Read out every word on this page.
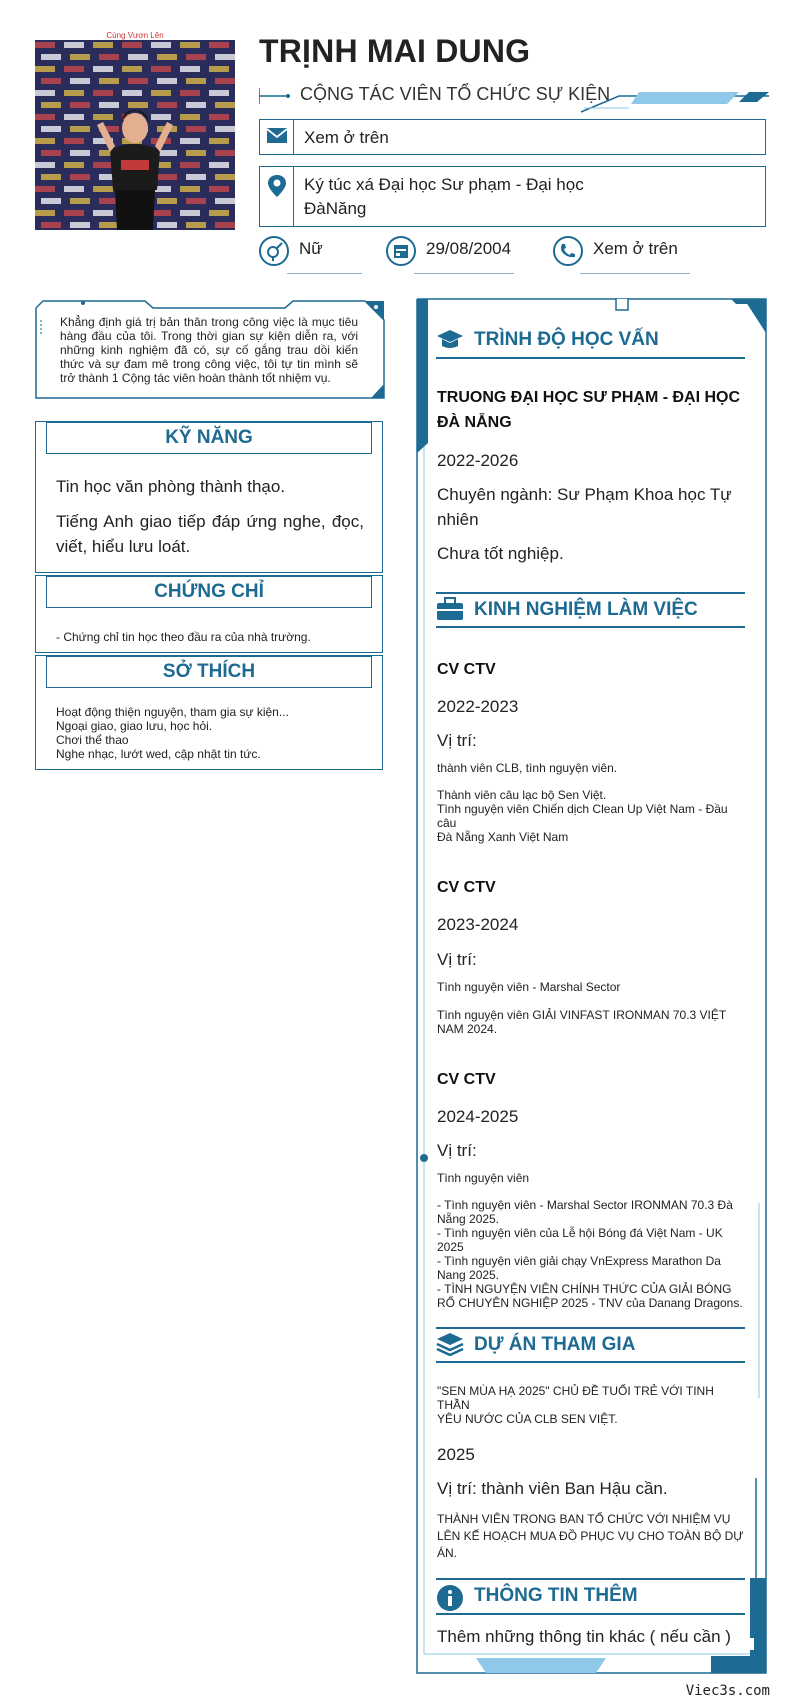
Cùng Vươn Lên	TRỊNH MAI DUNG
CỘNG TÁC VIÊN TỔ CHỨC SỰ KIỆN
Xem ở trên
Ký túc xá Đại học Sư phạm - Đại học ĐàNăng
Nữ	29/08/2004	Xem ở trên
Khẳng định giá trị bản thân trong công việc là mục tiêu hàng đầu của tôi. Trong thời gian sự kiện diễn ra, với những kinh nghiệm đã có, sự cố gắng trau dồi kiến thức và sự đam mê trong công việc, tôi tự tin mình sẽ trở thành 1 Cộng tác viên hoàn thành tốt nhiệm vụ.
KỸ NĂNG
Tin học văn phòng thành thạo.
Tiếng Anh giao tiếp đáp ứng nghe, đọc, viết, hiểu lưu loát.
CHỨNG CHỈ
- Chứng chỉ tin học theo đầu ra của nhà trường.
SỞ THÍCH
Hoạt động thiện nguyện, tham gia sự kiện...
Ngoại giao, giao lưu, học hỏi.
Chơi thể thao
Nghe nhạc, lướt wed, cập nhật tin tức.
TRÌNH ĐỘ HỌC VẤN
TRUONG ĐẠI HỌC SƯ PHẠM - ĐẠI HỌC ĐÀ NẴNG
2022-2026
Chuyên ngành: Sư Phạm Khoa học Tự nhiên
Chưa tốt nghiệp.
KINH NGHIỆM LÀM VIỆC
CV CTV
2022-2023
Vị trí:
thành viên CLB, tình nguyện viên.
Thành viên câu lạc bộ Sen Việt.
Tình nguyện viên Chiến dịch Clean Up Việt Nam - Đầu câu
Đà Nẵng Xanh Việt Nam
CV CTV
2023-2024
Vị trí:
Tình nguyện viên - Marshal Sector
Tình nguyện viên GIẢI VINFAST IRONMAN 70.3 VIỆT NAM 2024.
CV CTV
2024-2025
Vị trí:
Tình nguyện viên
- Tình nguyện viên - Marshal Sector IRONMAN 70.3 Đà Nẵng 2025.
- Tình nguyện viên của Lễ hội Bóng đá Việt Nam - UK 2025
- Tình nguyện viên giải chạy VnExpress Marathon Da Nang 2025.
- TÌNH NGUYỆN VIÊN CHÍNH THỨC CỦA GIẢI BÓNG RỔ CHUYÊN NGHIỆP 2025 - TNV của Danang Dragons.
DỰ ÁN THAM GIA
"SEN MÙA HẠ 2025" CHỦ ĐỀ TUỔI TRẺ VỚI TINH THẦN
YÊU NƯỚC CỦA CLB SEN VIỆT.
2025
Vị trí: thành viên Ban Hậu cần.
THÀNH VIÊN TRONG BAN TỔ CHỨC VỚI NHIỆM VỤ LÊN KẾ HOẠCH MUA ĐỒ PHỤC VỤ CHO TOÀN BỘ DỰ ÁN.
THÔNG TIN THÊM
Thêm những thông tin khác ( nếu cần )
Viec3s.com
